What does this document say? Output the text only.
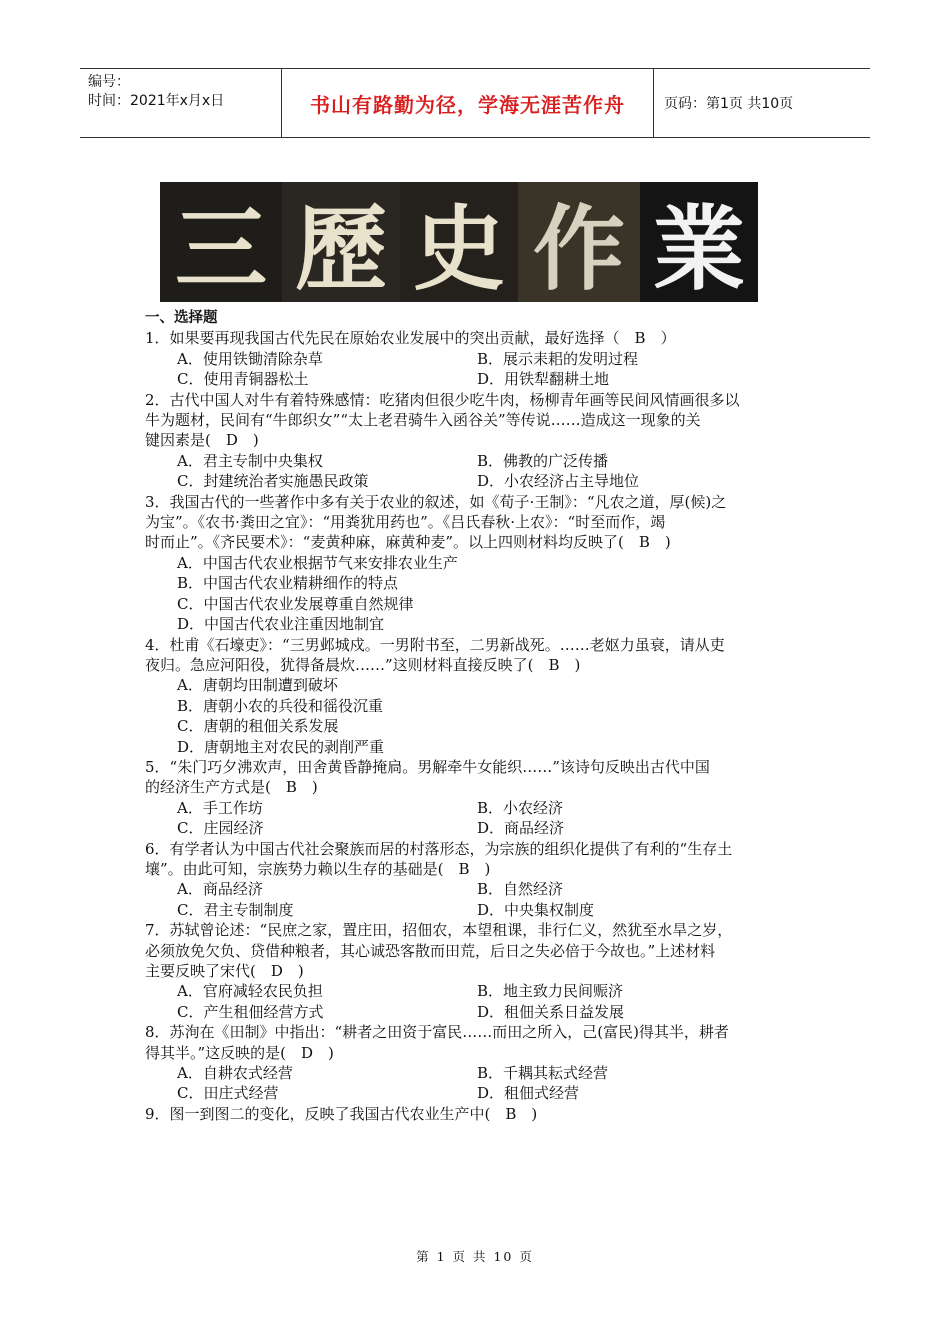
编号：
时间：2021年x月x日	书山有路勤为径，学海无涯苦作舟	页码：第1页 共10页
三 歷 史 作 業
一、选择题
1．如果要再现我国古代先民在原始农业发展中的突出贡献，最好选择（　B　）
A．使用铁锄清除杂草	B．展示耒耜的发明过程
C．使用青铜器松土	D．用铁犁翻耕土地
2．古代中国人对牛有着特殊感情：吃猪肉但很少吃牛肉，杨柳青年画等民间风情画很多以
牛为题材，民间有“牛郎织女”“太上老君骑牛入函谷关”等传说……造成这一现象的关
键因素是(　D　)
A．君主专制中央集权	B．佛教的广泛传播
C．封建统治者实施愚民政策	D．小农经济占主导地位
3．我国古代的一些著作中多有关于农业的叙述，如《荀子·王制》：“凡农之道，厚(候)之
为宝”。《农书·粪田之宜》：“用粪犹用药也”。《吕氏春秋·上农》：“时至而作，竭
时而止”。《齐民要术》：“麦黄种麻，麻黄种麦”。以上四则材料均反映了(　B　)
A．中国古代农业根据节气来安排农业生产
B．中国古代农业精耕细作的特点
C．中国古代农业发展尊重自然规律
D．中国古代农业注重因地制宜
4．杜甫《石壕吏》：“三男邺城戍。一男附书至，二男新战死。……老妪力虽衰，请从吏
夜归。急应河阳役，犹得备晨炊……”这则材料直接反映了(　B　)
A．唐朝均田制遭到破坏
B．唐朝小农的兵役和徭役沉重
C．唐朝的租佃关系发展
D．唐朝地主对农民的剥削严重
5．“朱门巧夕沸欢声，田舍黄昏静掩扃。男解牵牛女能织……”该诗句反映出古代中国
的经济生产方式是(　B　)
A．手工作坊	B．小农经济
C．庄园经济	D．商品经济
6．有学者认为中国古代社会聚族而居的村落形态，为宗族的组织化提供了有利的“生存土
壤”。由此可知，宗族势力赖以生存的基础是(　B　)
A．商品经济	B．自然经济
C．君主专制制度	D．中央集权制度
7．苏轼曾论述：“民庶之家，置庄田，招佃农，本望租课，非行仁义，然犹至水旱之岁，
必须放免欠负、贷借种粮者，其心诚恐客散而田荒，后日之失必倍于今故也。”上述材料
主要反映了宋代(　D　)
A．官府减轻农民负担	B．地主致力民间赈济
C．产生租佃经营方式	D．租佃关系日益发展
8．苏洵在《田制》中指出：“耕者之田资于富民……而田之所入，己(富民)得其半，耕者
得其半。”这反映的是(　D　)
A．自耕农式经营	B．千耦其耘式经营
C．田庄式经营	D．租佃式经营
9．图一到图二的变化，反映了我国古代农业生产中(　B　)
第 1 页 共 10 页
